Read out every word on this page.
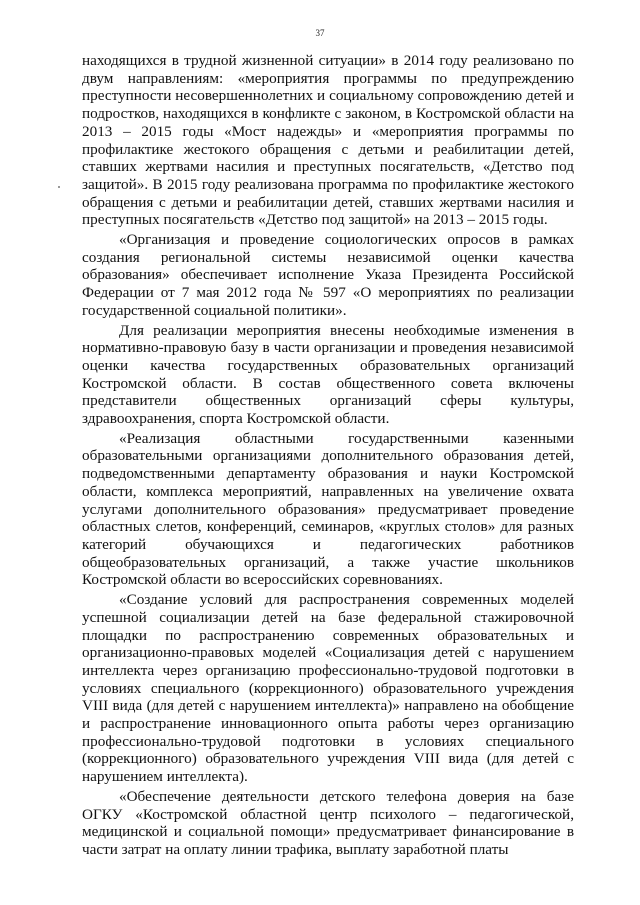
37

находящихся в трудной жизненной ситуации» в 2014 году реализовано по двум направлениям: «мероприятия программы по предупреждению преступности несовершеннолетних и социальному сопровождению детей и подростков, находящихся в конфликте с законом, в Костромской области на 2013 – 2015 годы «Мост надежды» и «мероприятия программы по профилактике жестокого обращения с детьми и реабилитации детей, ставших жертвами насилия и преступных посягательств, «Детство под защитой». В 2015 году реализована программа по профилактике жестокого обращения с детьми и реабилитации детей, ставших жертвами насилия и преступных посягательств «Детство под защитой» на 2013 – 2015 годы.

«Организация и проведение социологических опросов в рамках создания региональной системы независимой оценки качества образования» обеспечивает исполнение Указа Президента Российской Федерации от 7 мая 2012 года № 597 «О мероприятиях по реализации государственной социальной политики».

Для реализации мероприятия внесены необходимые изменения в нормативно-правовую базу в части организации и проведения независимой оценки качества государственных образовательных организаций Костромской области. В состав общественного совета включены представители общественных организаций сферы культуры, здравоохранения, спорта Костромской области.

«Реализация областными государственными казенными образовательными организациями дополнительного образования детей, подведомственными департаменту образования и науки Костромской области, комплекса мероприятий, направленных на увеличение охвата услугами дополнительного образования» предусматривает проведение областных слетов, конференций, семинаров, «круглых столов» для разных категорий обучающихся и педагогических работников общеобразовательных организаций, а также участие школьников Костромской области во всероссийских соревнованиях.

«Создание условий для распространения современных моделей успешной социализации детей на базе федеральной стажировочной площадки по распространению современных образовательных и организационно-правовых моделей «Социализация детей с нарушением интеллекта через организацию профессионально-трудовой подготовки в условиях специального (коррекционного) образовательного учреждения VIII вида (для детей с нарушением интеллекта)» направлено на обобщение и распространение инновационного опыта работы через организацию профессионально-трудовой подготовки в условиях специального (коррекционного) образовательного учреждения VIII вида (для детей с нарушением интеллекта).

«Обеспечение деятельности детского телефона доверия на базе ОГКУ «Костромской областной центр психолого – педагогической, медицинской и социальной помощи» предусматривает финансирование в части затрат на оплату линии трафика, выплату заработной платы
